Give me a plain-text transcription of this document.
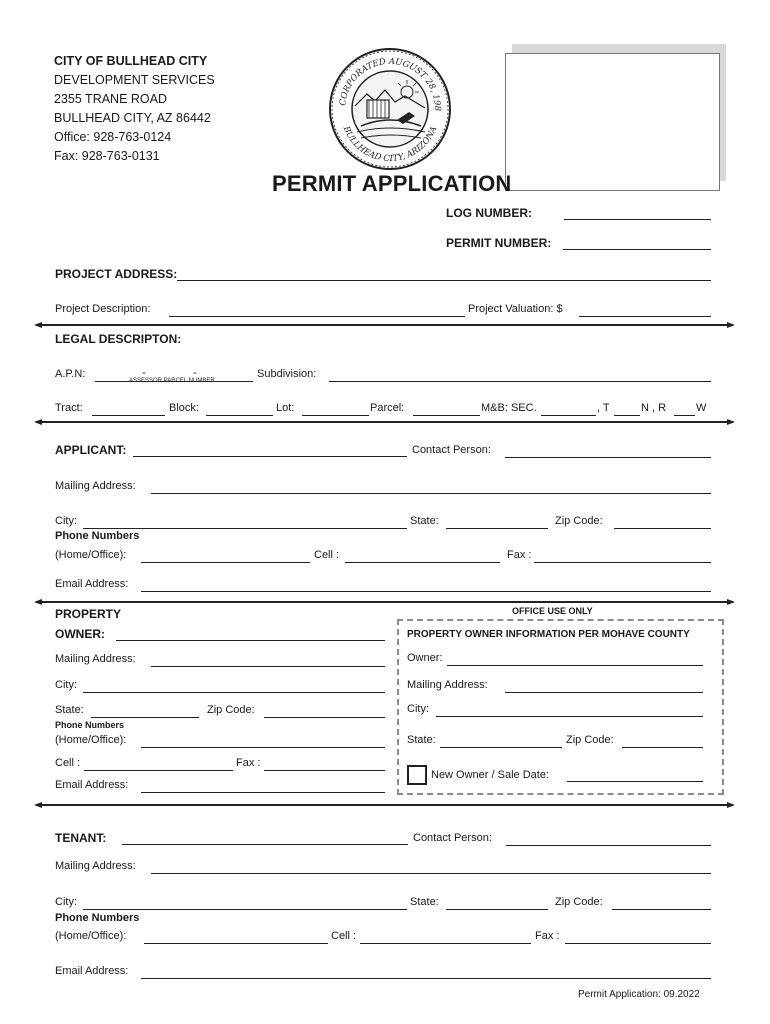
CITY OF BULLHEAD CITY
DEVELOPMENT SERVICES
2355 TRANE ROAD
BULLHEAD CITY, AZ 86442
Office: 928-763-0124
Fax: 928-763-0131
CORPORATED AUGUST 28, 198
BULLHEAD CITY, ARIZONA
PERMIT APPLICATION
LOG NUMBER:
PERMIT NUMBER:
PROJECT ADDRESS:
Project Description:	Project Valuation: $
LEGAL DESCRIPTON:
A.P.N:	-	-
ASSESSOR PARCEL NUMBER
Subdivision:
Tract:	Block:	Lot:	Parcel:	M&B: SEC.	, T	N , R	W
APPLICANT:	Contact Person:
Mailing Address:
City:	State:	Zip Code:
Phone Numbers
(Home/Office):	Cell :	Fax :
Email Address:
PROPERTY
OWNER:
Mailing Address:
City:
State:	Zip Code:
Phone Numbers
(Home/Office):
Cell :	Fax :
Email Address:
OFFICE USE ONLY
PROPERTY OWNER INFORMATION PER MOHAVE COUNTY
Owner:
Mailing Address:
City:
State:	Zip Code:
New Owner / Sale Date:
TENANT:	Contact Person:
Mailing Address:
City:	State:	Zip Code:
Phone Numbers
(Home/Office):	Cell :	Fax :
Email Address:
Permit Application: 09.2022
